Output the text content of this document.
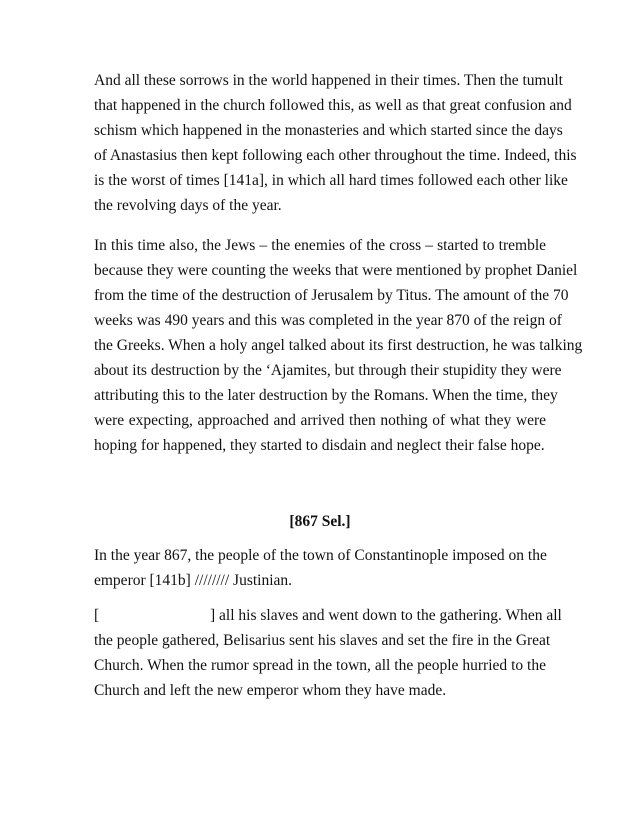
And all these sorrows in the world happened in their times. Then the tumult
that happened in the church followed this, as well as that great confusion and
schism which happened in the monasteries and which started since the days
of Anastasius then kept following each other throughout the time. Indeed, this
is the worst of times [141a], in which all hard times followed each other like
the revolving days of the year.
In this time also, the Jews – the enemies of the cross – started to tremble
because they were counting the weeks that were mentioned by prophet Daniel
from the time of the destruction of Jerusalem by Titus. The amount of the 70
weeks was 490 years and this was completed in the year 870 of the reign of
the Greeks. When a holy angel talked about its first destruction, he was talking
about its destruction by the ‘Ajamites, but through their stupidity they were
attributing this to the later destruction by the Romans. When the time, they
were expecting, approached and arrived then nothing of what they were
hoping for happened, they started to disdain and neglect their false hope.
[867 Sel.]
In the year 867, the people of the town of Constantinople imposed on the
emperor [141b] //////// Justinian.
[	] all his slaves and went down to the gathering. When all
the people gathered, Belisarius sent his slaves and set the fire in the Great
Church. When the rumor spread in the town, all the people hurried to the
Church and left the new emperor whom they have made.
